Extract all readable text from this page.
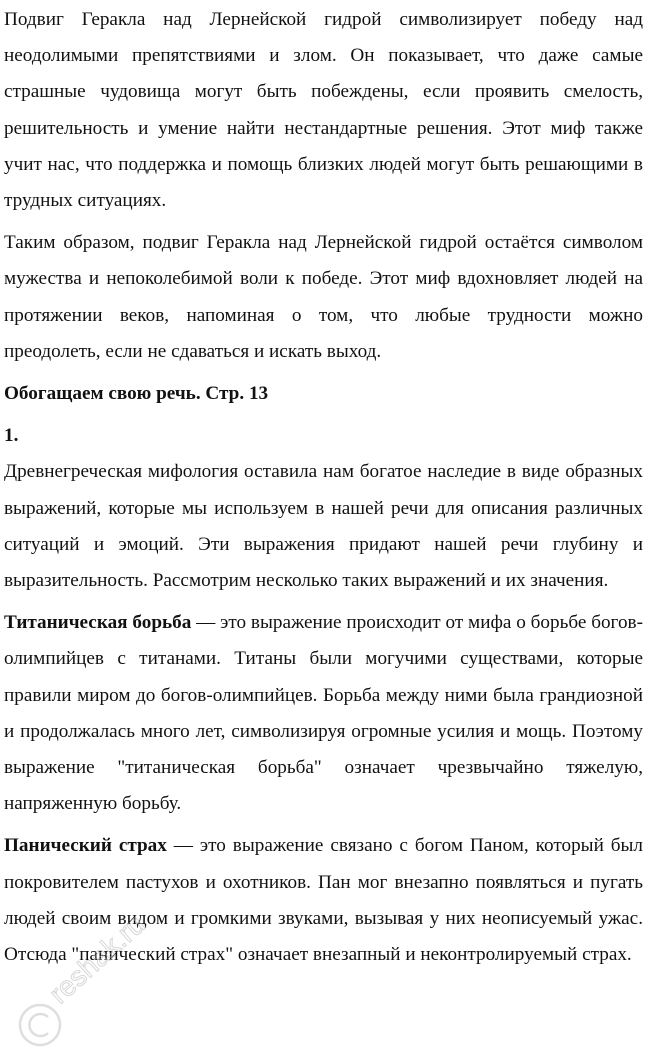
Подвиг Геракла над Лернейской гидрой символизирует победу над неодолимыми препятствиями и злом. Он показывает, что даже самые страшные чудовища могут быть побеждены, если проявить смелость, решительность и умение найти нестандартные решения. Этот миф также учит нас, что поддержка и помощь близких людей могут быть решающими в трудных ситуациях.

Таким образом, подвиг Геракла над Лернейской гидрой остаётся символом мужества и непоколебимой воли к победе. Этот миф вдохновляет людей на протяжении веков, напоминая о том, что любые трудности можно преодолеть, если не сдаваться и искать выход.

Обогащаем свою речь. Стр. 13

1.

Древнегреческая мифология оставила нам богатое наследие в виде образных выражений, которые мы используем в нашей речи для описания различных ситуаций и эмоций. Эти выражения придают нашей речи глубину и выразительность. Рассмотрим несколько таких выражений и их значения.

Титаническая борьба — это выражение происходит от мифа о борьбе богов-олимпийцев с титанами. Титаны были могучими существами, которые правили миром до богов-олимпийцев. Борьба между ними была грандиозной и продолжалась много лет, символизируя огромные усилия и мощь. Поэтому выражение "титаническая борьба" означает чрезвычайно тяжелую, напряженную борьбу.

Панический страх — это выражение связано с богом Паном, который был покровителем пастухов и охотников. Пан мог внезапно появляться и пугать людей своим видом и громкими звуками, вызывая у них неописуемый ужас. Отсюда "панический страх" означает внезапный и неконтролируемый страх.

reshak.ru
